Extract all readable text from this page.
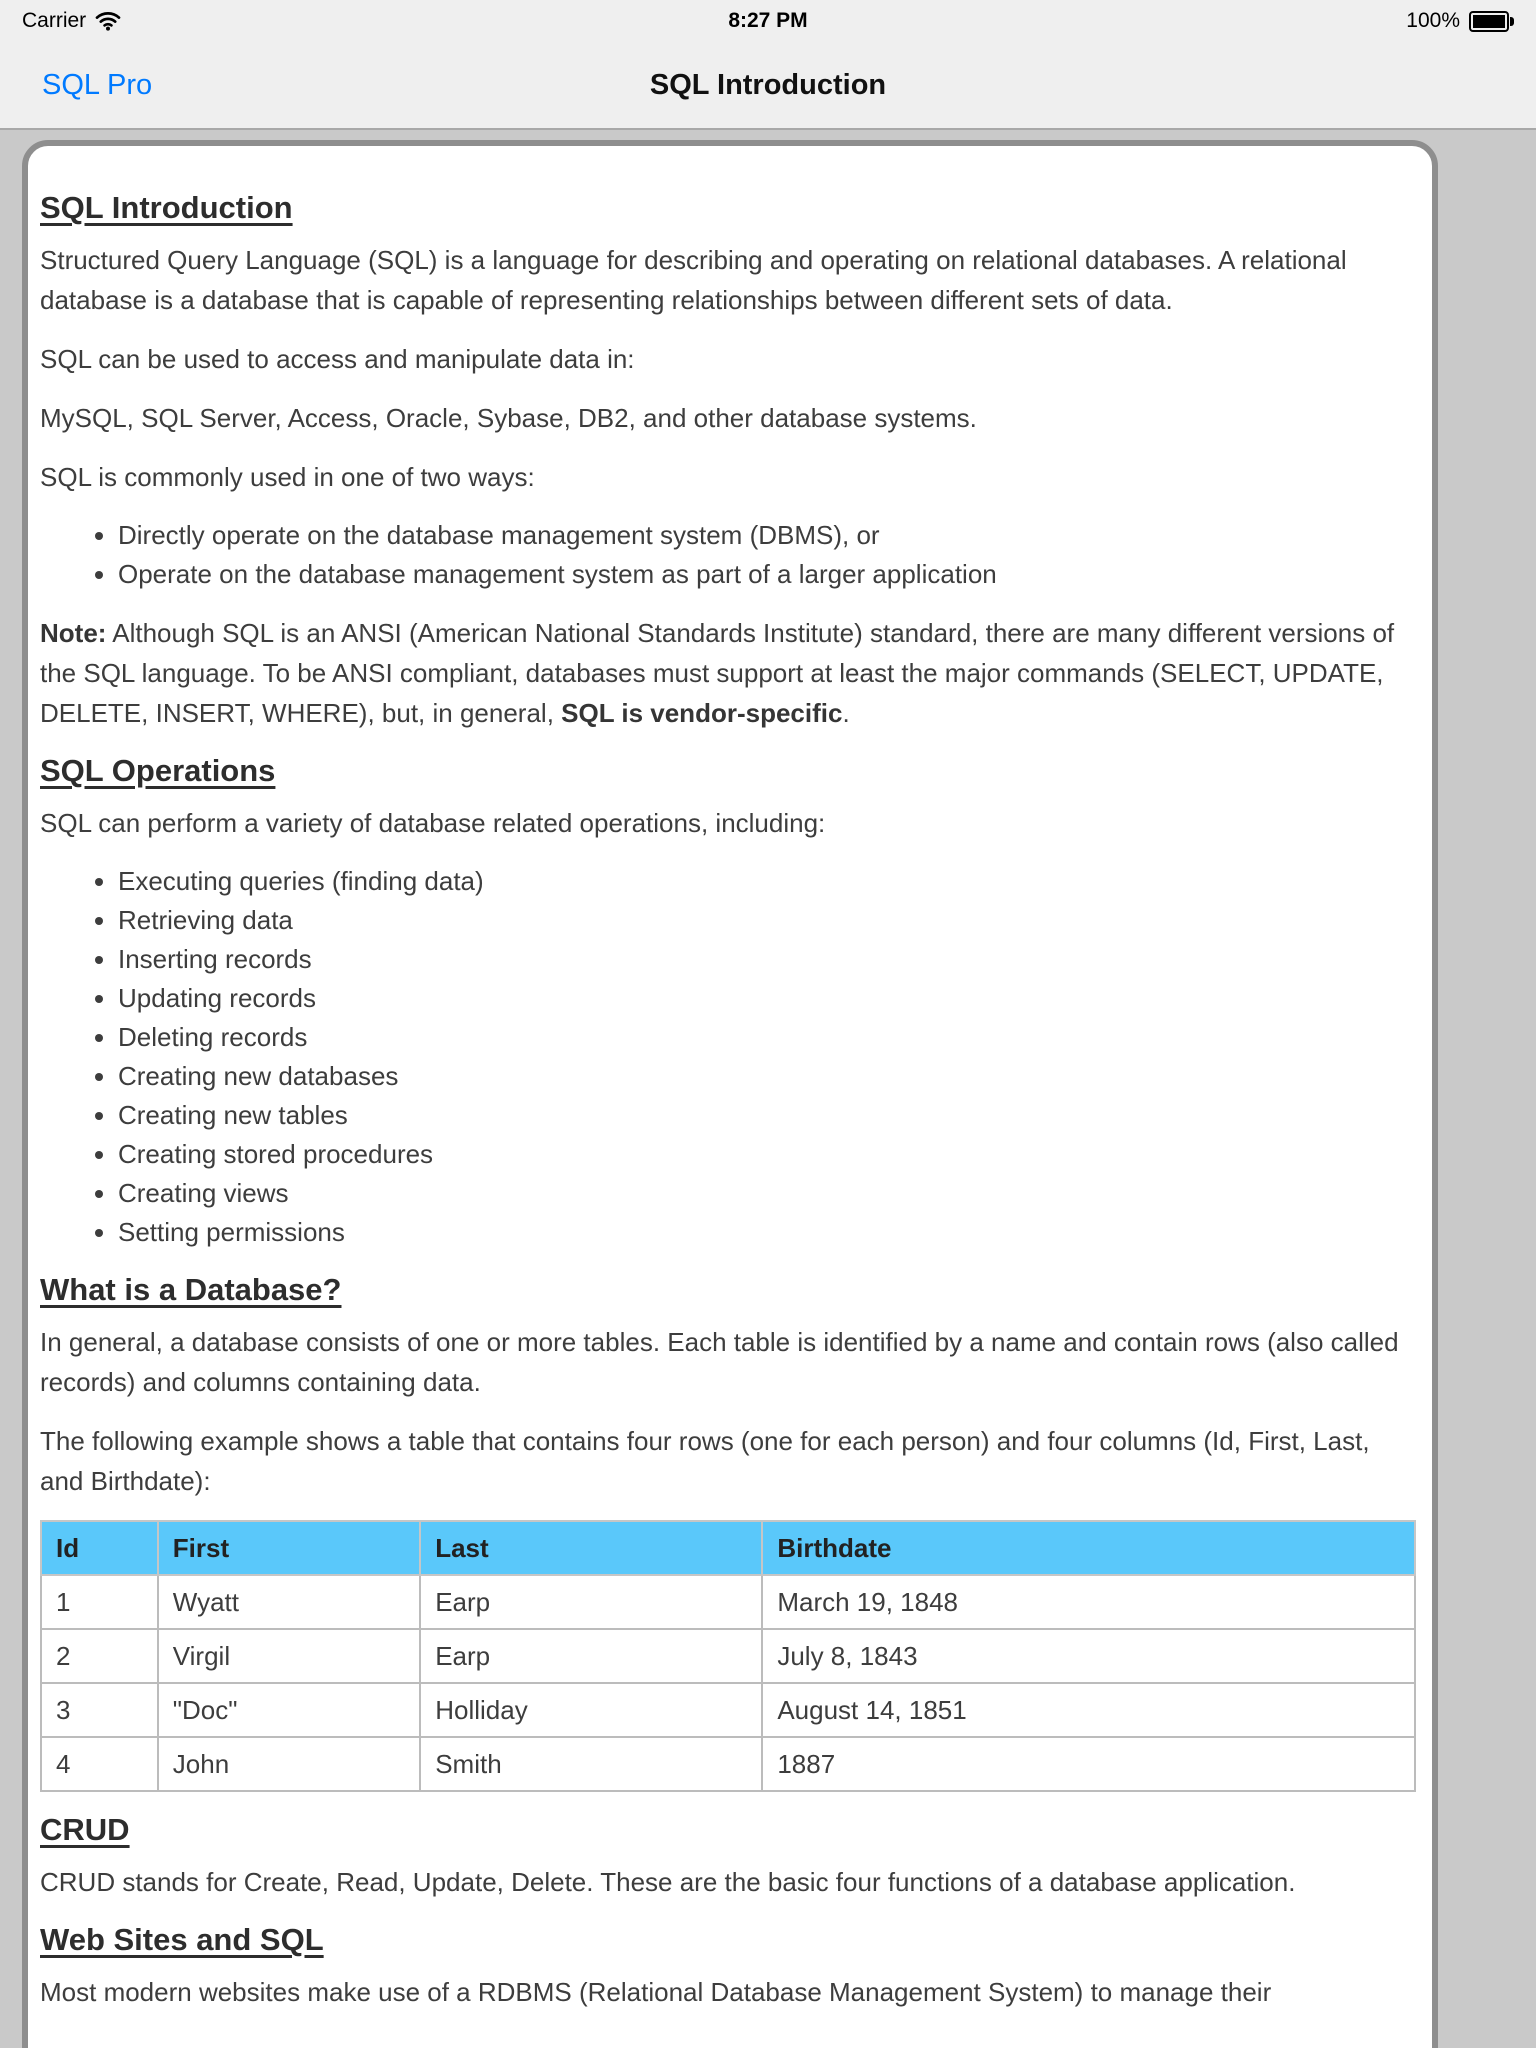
Carrier	8:27 PM	100%
SQL Pro	SQL Introduction
SQL Introduction

Structured Query Language (SQL) is a language for describing and operating on relational databases. A relational database is a database that is capable of representing relationships between different sets of data.

SQL can be used to access and manipulate data in:

MySQL, SQL Server, Access, Oracle, Sybase, DB2, and other database systems.

SQL is commonly used in one of two ways:

• Directly operate on the database management system (DBMS), or
• Operate on the database management system as part of a larger application

Note: Although SQL is an ANSI (American National Standards Institute) standard, there are many different versions of the SQL language. To be ANSI compliant, databases must support at least the major commands (SELECT, UPDATE, DELETE, INSERT, WHERE), but, in general, SQL is vendor-specific.

SQL Operations

SQL can perform a variety of database related operations, including:

• Executing queries (finding data)
• Retrieving data
• Inserting records
• Updating records
• Deleting records
• Creating new databases
• Creating new tables
• Creating stored procedures
• Creating views
• Setting permissions
What is a Database?

In general, a database consists of one or more tables. Each table is identified by a name and contain rows (also called records) and columns containing data.

The following example shows a table that contains four rows (one for each person) and four columns (Id, First, Last, and Birthdate):

Id	First	Last	Birthdate
1	Wyatt	Earp	March 19, 1848
2	Virgil	Earp	July 8, 1843
3	"Doc"	Holliday	August 14, 1851
4	John	Smith	1887
CRUD

CRUD stands for Create, Read, Update, Delete. These are the basic four functions of a database application.

Web Sites and SQL

Most modern websites make use of a RDBMS (Relational Database Management System) to manage their
